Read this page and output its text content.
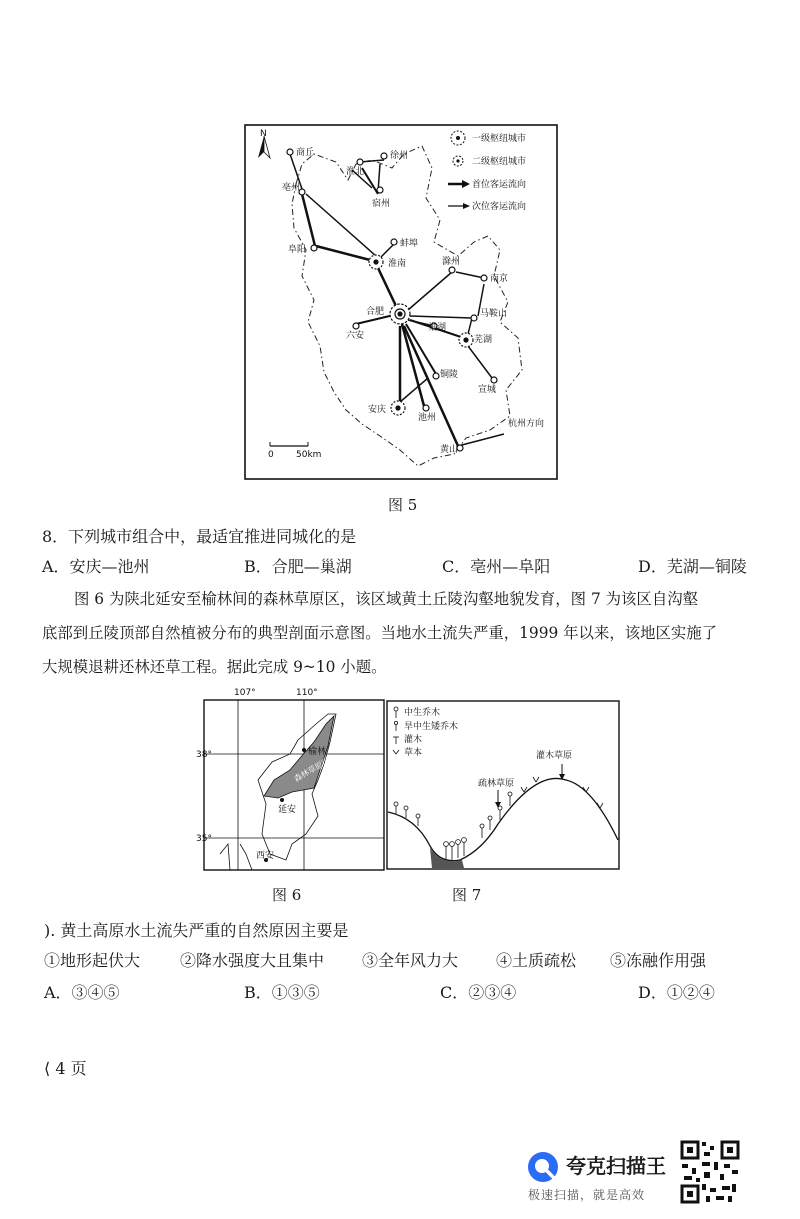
商丘
淮北
徐州
宿州
亳州
蚌埠
阜阳
淮南	滁州
南京
马鞍山
合肥
巢湖
六安	芜湖
铜陵
宣城
安庆
池州
黄山
杭州方向
N	一级枢纽城市
二级枢纽城市
首位客运流向
次位客运流向
0 50km
图 5
8．下列城市组合中，最适宜推进同城化的是
A．安庆—池州	B．合肥—巢湖	C．亳州—阜阳	D．芜湖—铜陵
图 6 为陕北延安至榆林间的森林草原区，该区域黄土丘陵沟壑地貌发育，图 7 为该区自沟壑
底部到丘陵顶部自然植被分布的典型剖面示意图。当地水土流失严重，1999 年以来，该地区实施了
大规模退耕还林还草工程。据此完成 9~10 小题。
107°	110°
38°
35°
森林草原区
榆林
延安
西安
图 6
中生乔木
旱中生矮乔木
灌木
草本	灌木草原
疏林草原
图 7
). 黄土高原水土流失严重的自然原因主要是
①地形起伏大 ②降水强度大且集中 ③全年风力大 ④土质疏松 ⑤冻融作用强
A．③④⑤	B．①③⑤	C．②③④	D．①②④
⟨ 4 页
夸克扫描王
极速扫描，就是高效
